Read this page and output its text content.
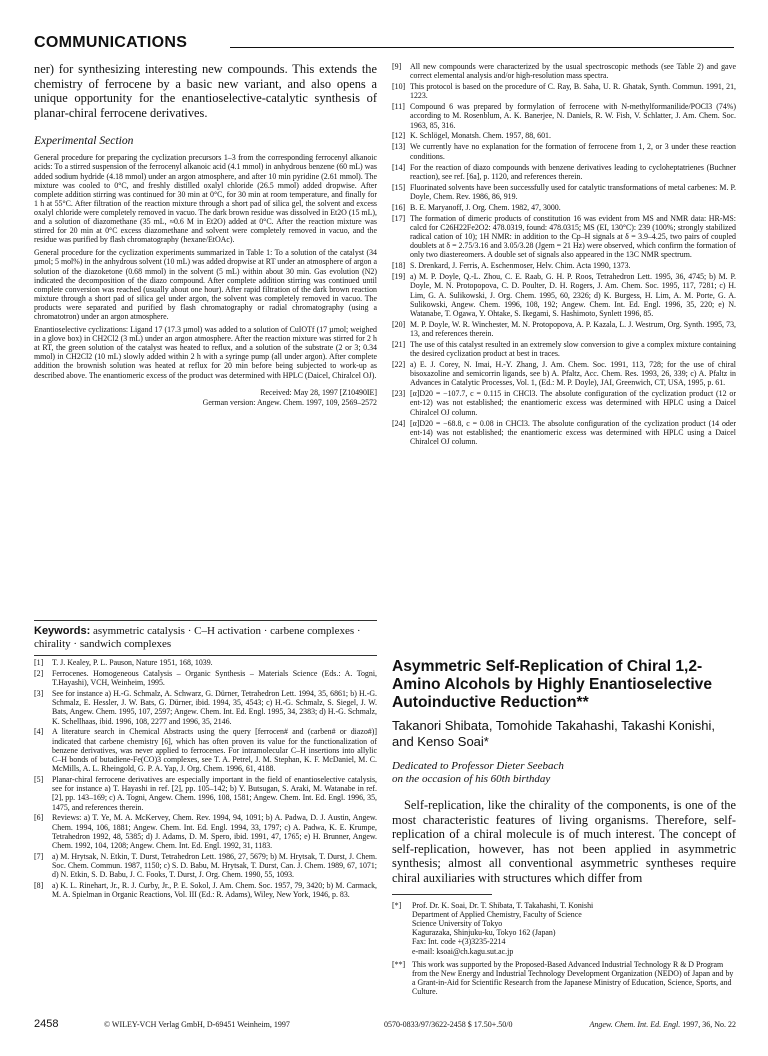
COMMUNICATIONS

ner) for synthesizing interesting new compounds. This extends the chemistry of ferrocene by a basic new variant, and also opens a unique opportunity for the enantioselective-catalytic synthesis of planar-chiral ferrocene derivatives.

Experimental Section

General procedure for preparing the cyclization precursors 1–3 from the corresponding ferrocenyl alkanoic acids: To a stirred suspension of the ferrocenyl alkanoic acid (4.1 mmol) in anhydrous benzene (60 mL) was added sodium hydride (4.18 mmol) under an argon atmosphere, and after 10 min pyridine (2.61 mmol). The mixture was cooled to 0°C, and freshly distilled oxalyl chloride (26.5 mmol) added dropwise. After complete addition stirring was continued for 30 min at 0°C, for 30 min at room temperature, and finally for 1 h at 55°C. After filtration of the reaction mixture through a short pad of silica gel, the solvent and excess oxalyl chloride were completely removed in vacuo. The dark brown residue was dissolved in Et2O (15 mL), and a solution of diazomethane (35 mL, ≈0.6 M in Et2O) added at 0°C. After the reaction mixture was stirred for 20 min at 0°C excess diazomethane and solvent were completely removed in vacuo, and the residue was purified by flash chromatography (hexane/EtOAc).

General procedure for the cyclization experiments summarized in Table 1: To a solution of the catalyst (34 µmol; 5 mol%) in the anhydrous solvent (10 mL) was added dropwise at RT under an atmosphere of argon a solution of the diazoketone (0.68 mmol) in the solvent (5 mL) within about 30 min. Gas evolution (N2) indicated the decomposition of the diazo compound. After complete addition stirring was continued until complete conversion was reached (usually about one hour). After rapid filtration of the dark brown reaction mixture through a short pad of silica gel under argon, the solvent was completely removed in vacuo. The products were separated and purified by flash chromatography or radial chromatography (using a chromatotron) under an argon atmosphere.

Enantioselective cyclizations: Ligand 17 (17.3 µmol) was added to a solution of CuIOTf (17 µmol; weighed in a glove box) in CH2Cl2 (3 mL) under an argon atmosphere. After the reaction mixture was stirred for 2 h at RT, the green solution of the catalyst was heated to reflux, and a solution of the substrate (2 or 3; 0.34 mmol) in CH2Cl2 (10 mL) slowly added within 2 h with a syringe pump (all under argon). After complete addition the brownish solution was heated at reflux for 20 min before being subjected to work-up as described above. The enantiomeric excess of the product was determined with HPLC (Daicel, Chiralcel OJ).

Received: May 28, 1997 [Z10490IE]
German version: Angew. Chem. 1997, 109, 2569–2572
[9] All new compounds were characterized by the usual spectroscopic methods (see Table 2) and gave correct elemental analysis and/or high-resolution mass spectra.
[10] This protocol is based on the procedure of C. Ray, B. Saha, U. R. Ghatak, Synth. Commun. 1991, 21, 1223.
[11] Compound 6 was prepared by formylation of ferrocene with N-methylformanilide/POCl3 (74%) according to M. Rosenblum, A. K. Banerjee, N. Daniels, R. W. Fish, V. Schlatter, J. Am. Chem. Soc. 1963, 85, 316.
[12] K. Schlögel, Monatsh. Chem. 1957, 88, 601.
[13] We currently have no explanation for the formation of ferrocene from 1, 2, or 3 under these reaction conditions.
[14] For the reaction of diazo compounds with benzene derivatives leading to cycloheptatrienes (Buchner reaction), see ref. [6a], p. 1120, and references therein.
[15] Fluorinated solvents have been successfully used for catalytic transformations of metal carbenes: M. P. Doyle, Chem. Rev. 1986, 86, 919.
[16] B. E. Maryanoff, J. Org. Chem. 1982, 47, 3000.
[17] The formation of dimeric products of constitution 16 was evident from MS and NMR data: HR-MS: calcd for C26H22Fe2O2: 478.0319, found: 478.0315; MS (EI, 130°C): 239 (100%; strongly stabilized radical cation of 10); 1H NMR: in addition to the Cp–H signals at δ = 3.9–4.25, two pairs of coupled doublets at δ = 2.75/3.16 and 3.05/3.28 (Jgem = 21 Hz) were observed, which confirm the formation of only two diastereomers. A double set of signals also appeared in the 13C NMR spectrum.
[18] S. Drenkard, J. Ferris, A. Eschenmoser, Helv. Chim. Acta 1990, 1373.
[19] a) M. P. Doyle, Q.-L. Zhou, C. E. Raab, G. H. P. Roos, Tetrahedron Lett. 1995, 36, 4745; b) M. P. Doyle, M. N. Protopopova, C. D. Poulter, D. H. Rogers, J. Am. Chem. Soc. 1995, 117, 7281; c) H. Lim, G. A. Sulikowski, J. Org. Chem. 1995, 60, 2326; d) K. Burgess, H. Lim, A. M. Porte, G. A. Sulikowski, Angew. Chem. 1996, 108, 192; Angew. Chem. Int. Ed. Engl. 1996, 35, 220; e) N. Watanabe, T. Ogawa, Y. Ohtake, S. Ikegami, S. Hashimoto, Synlett 1996, 85.
[20] M. P. Doyle, W. R. Winchester, M. N. Protopopova, A. P. Kazala, L. J. Westrum, Org. Synth. 1995, 73, 13, and references therein.
[21] The use of this catalyst resulted in an extremely slow conversion to give a complex mixture containing the desired cyclization product at best in traces.
[22] a) E. J. Corey, N. Imai, H.-Y. Zhang, J. Am. Chem. Soc. 1991, 113, 728; for the use of chiral bisoxazoline and semicorrin ligands, see b) A. Pfaltz, Acc. Chem. Res. 1993, 26, 339; c) A. Pfaltz in Advances in Catalytic Processes, Vol. 1, (Ed.: M. P. Doyle), JAI, Greenwich, CT, USA, 1995, p. 61.
[23] [α]D20 = −107.7, c = 0.115 in CHCl3. The absolute configuration of the cyclization product (12 or ent-12) was not established; the enantiomeric excess was determined with HPLC using a Daicel Chiralcel OJ column.
[24] [α]D20 = −68.8, c = 0.08 in CHCl3. The absolute configuration of the cyclization product (14 oder ent-14) was not established; the enantiomeric excess was determined with HPLC using a Daicel Chiralcel OJ column.
Keywords: asymmetric catalysis · C–H activation · carbene complexes · chirality · sandwich complexes
[1] T. J. Kealey, P. L. Pauson, Nature 1951, 168, 1039.
[2] Ferrocenes. Homogeneous Catalysis – Organic Synthesis – Materials Science (Eds.: A. Togni, T.Hayashi), VCH, Weinheim, 1995.
[3] See for instance a) H.-G. Schmalz, A. Schwarz, G. Dürner, Tetrahedron Lett. 1994, 35, 6861; b) H.-G. Schmalz, E. Hessler, J. W. Bats, G. Dürner, ibid. 1994, 35, 4543; c) H.-G. Schmalz, S. Siegel, J. W. Bats, Angew. Chem. 1995, 107, 2597; Angew. Chem. Int. Ed. Engl. 1995, 34, 2383; d) H.-G. Schmalz, K. Schellhaas, ibid. 1996, 108, 2277 and 1996, 35, 2146.
[4] A literature search in Chemical Abstracts using the query [ferrocen# and (carben# or diazo#)] indicated that carbene chemistry [6], which has often proven its value for the functionalization of benzene derivatives, was never applied to ferrocenes. For intramolecular C–H insertions into allylic C–H bonds of butadiene-Fe(CO)3 complexes, see T. A. Petrel, J. M. Stephan, K. F. McDaniel, M. C. McMills, A. L. Rheingold, G. P. A. Yap, J. Org. Chem. 1996, 61, 4188.
[5] Planar-chiral ferrocene derivatives are especially important in the field of enantioselective catalysis, see for instance a) T. Hayashi in ref. [2], pp. 105–142; b) Y. Butsugan, S. Araki, M. Watanabe in ref. [2], pp. 143–169; c) A. Togni, Angew. Chem. 1996, 108, 1581; Angew. Chem. Int. Ed. Engl. 1996, 35, 1475, and references therein.
[6] Reviews: a) T. Ye, M. A. McKervey, Chem. Rev. 1994, 94, 1091; b) A. Padwa, D. J. Austin, Angew. Chem. 1994, 106, 1881; Angew. Chem. Int. Ed. Engl. 1994, 33, 1797; c) A. Padwa, K. E. Krumpe, Tetrahedron 1992, 48, 5385; d) J. Adams, D. M. Spero, ibid. 1991, 47, 1765; e) H. Brunner, Angew. Chem. 1992, 104, 1208; Angew. Chem. Int. Ed. Engl. 1992, 31, 1183.
[7] a) M. Hrytsak, N. Etkin, T. Durst, Tetrahedron Lett. 1986, 27, 5679; b) M. Hrytsak, T. Durst, J. Chem. Soc. Chem. Commun. 1987, 1150; c) S. D. Babu, M. Hrytsak, T. Durst, Can. J. Chem. 1989, 67, 1071; d) N. Etkin, S. D. Babu, J. C. Fooks, T. Durst, J. Org. Chem. 1990, 55, 1093.
[8] a) K. L. Rinehart, Jr., R. J. Curby, Jr., P. E. Sokol, J. Am. Chem. Soc. 1957, 79, 3420; b) M. Carmack, M. A. Spielman in Organic Reactions, Vol. III (Ed.: R. Adams), Wiley, New York, 1946, p. 83.
Asymmetric Self-Replication of Chiral 1,2-Amino Alcohols by Highly Enantioselective Autoinductive Reduction**
Takanori Shibata, Tomohide Takahashi, Takashi Konishi, and Kenso Soai*
Dedicated to Professor Dieter Seebach
on the occasion of his 60th birthday

Self-replication, like the chirality of the components, is one of the most characteristic features of living organisms. Therefore, self-replication of a chiral molecule is of much interest. The concept of self-replication, however, has not been applied in asymmetric synthesis; almost all conventional asymmetric syntheses require chiral auxiliaries with structures which differ from

[*] Prof. Dr. K. Soai, Dr. T. Shibata, T. Takahashi, T. Konishi
Department of Applied Chemistry, Faculty of Science
Science University of Tokyo
Kagurazaka, Shinjuku-ku, Tokyo 162 (Japan)
Fax: Int. code +(3)3235-2214
e-mail: ksoai@ch.kagu.sut.ac.jp
[**] This work was supported by the Proposed-Based Advanced Industrial Technology R & D Program from the New Energy and Industrial Technology Development Organization (NEDO) of Japan and by a Grant-in-Aid for Scientific Research from the Japanese Ministry of Education, Science, Sports, and Culture.
2458	© WILEY-VCH Verlag GmbH, D-69451 Weinheim, 1997	0570-0833/97/3622-2458 $ 17.50+.50/0	Angew. Chem. Int. Ed. Engl. 1997, 36, No. 22
